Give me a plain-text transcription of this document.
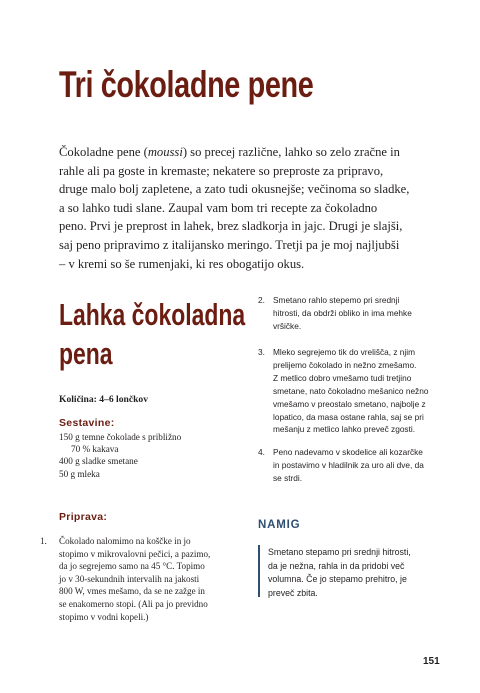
Tri čokoladne pene
Čokoladne pene (moussi) so precej različne, lahko so zelo zračne in
rahle ali pa goste in kremaste; nekatere so preproste za pripravo,
druge malo bolj zapletene, a zato tudi okusnejše; večinoma so sladke,
a so lahko tudi slane. Zaupal vam bom tri recepte za čokoladno
peno. Prvi je preprost in lahek, brez sladkorja in jajc. Drugi je slajši,
saj peno pripravimo z italijansko meringo. Tretji pa je moj najljubši
– v kremi so še rumenjaki, ki res obogatijo okus.
Lahka čokoladna
pena
Količina: 4–6 lončkov
Sestavine:
150 g temne čokolade s približno
70 % kakava
400 g sladke smetane
50 g mleka
Priprava:
1.	Čokolado nalomimo na koščke in jo
stopimo v mikrovalovni pečici, a pazimo,
da jo segrejemo samo na 45 °C. Topimo
jo v 30-sekundnih intervalih na jakosti
800 W, vmes mešamo, da se ne zažge in
se enakomerno stopi. (Ali pa jo previdno
stopimo v vodni kopeli.)
2. Smetano rahlo stepemo pri srednji
hitrosti, da obdrži obliko in ima mehke
vršičke.
3. Mleko segrejemo tik do vrelišča, z njim
prelijemo čokolado in nežno zmešamo.
Z metlico dobro vmešamo tudi tretjino
smetane, nato čokoladno mešanico nežno
vmešamo v preostalo smetano, najbolje z
lopatico, da masa ostane rahla, saj se pri
mešanju z metlico lahko preveč zgosti.
4. Peno nadevamo v skodelice ali kozarčke
in postavimo v hladilnik za uro ali dve, da
se strdi.
NAMIG
Smetano stepamo pri srednji hitrosti,
da je nežna, rahla in da pridobi več
volumna. Če jo stepamo prehitro, je
preveč zbita.
151
